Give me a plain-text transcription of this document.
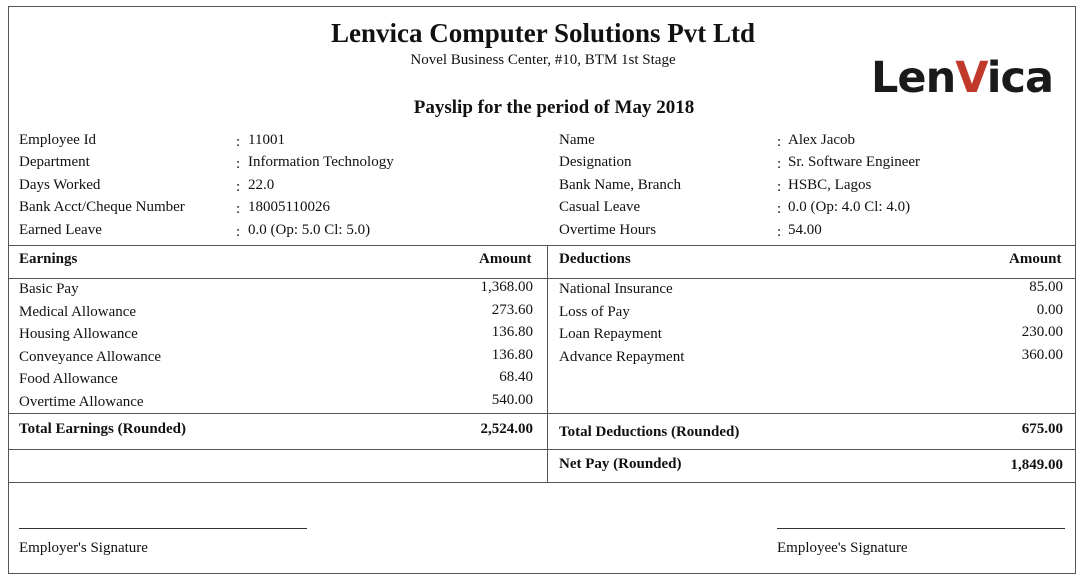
Lenvica Computer Solutions Pvt Ltd
Novel Business Center, #10, BTM 1st Stage	LenVica
Payslip for the period of May 2018
Employee Id	: 11001
Department	: Information Technology
Days Worked	: 22.0
Bank Acct/Cheque Number	: 18005110026
Earned Leave	: 0.0 (Op: 5.0 Cl: 5.0)
Name	: Alex Jacob
Designation	: Sr. Software Engineer
Bank Name, Branch	: HSBC, Lagos
Casual Leave	: 0.0 (Op: 4.0 Cl: 4.0)
Overtime Hours	: 54.00
Earnings	Amount Deductions	Amount
Basic Pay	1,368.00
Medical Allowance	273.60
Housing Allowance	136.80
Conveyance Allowance	136.80
Food Allowance	68.40
Overtime Allowance	540.00
National Insurance	85.00
Loss of Pay	0.00
Loan Repayment	230.00
Advance Repayment	360.00
Total Earnings (Rounded)	2,524.00 Total Deductions (Rounded)	675.00
Net Pay (Rounded)	1,849.00
Employer's Signature	Employee's Signature
